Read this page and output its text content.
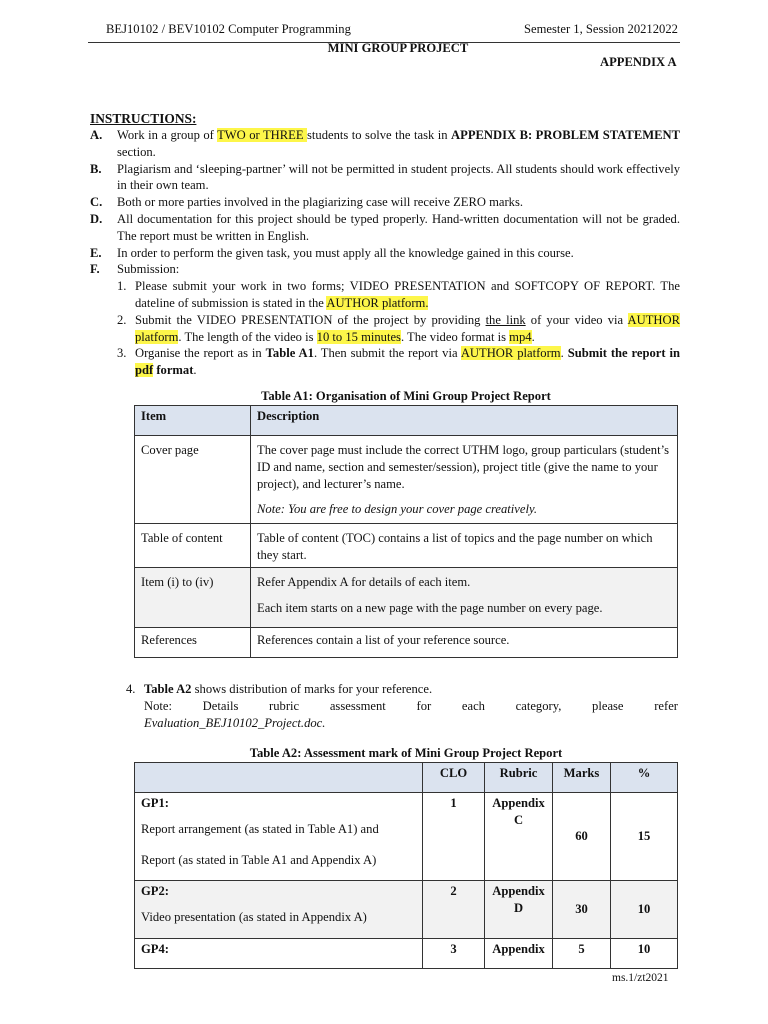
BEJ10102 / BEV10102 Computer Programming	Semester 1, Session 20212022
MINI GROUP PROJECT
APPENDIX A
INSTRUCTIONS:
A.	Work in a group of TWO or THREE students to solve the task in APPENDIX B: PROBLEM STATEMENT section.
B.	Plagiarism and ‘sleeping-partner’ will not be permitted in student projects. All students should work effectively in their own team.
C.	Both or more parties involved in the plagiarizing case will receive ZERO marks.
D.	All documentation for this project should be typed properly. Hand-written documentation will not be graded. The report must be written in English.
E.	In order to perform the given task, you must apply all the knowledge gained in this course.
F.	Submission:
1. Please submit your work in two forms; VIDEO PRESENTATION and SOFTCOPY OF REPORT. The dateline of submission is stated in the AUTHOR platform.
2. Submit the VIDEO PRESENTATION of the project by providing the link of your video via AUTHOR platform. The length of the video is 10 to 15 minutes. The video format is mp4.
3. Organise the report as in Table A1. Then submit the report via AUTHOR platform. Submit the report in pdf format.
Table A1: Organisation of Mini Group Project Report
Item	Description
Cover page	The cover page must include the correct UTHM logo, group particulars (student’s ID and name, section and semester/session), project title (give the name to your project), and lecturer’s name.
Note: You are free to design your cover page creatively.

Table of content	Table of content (TOC) contains a list of topics and the page number on which they start.
Item (i) to (iv)	Refer Appendix A for details of each item.
Each item starts on a new page with the page number on every page.

References	References contain a list of your reference source.
4. Table A2 shows distribution of marks for your reference.
Note: Details rubric assessment for each category, please refer
Evaluation_BEJ10102_Project.doc.
Table A2: Assessment mark of Mini Group Project Report
	CLO	Rubric	Marks	%

GP1:
Report arrangement (as stated in Table A1) and
Report (as stated in Table A1 and Appendix A)	1	Appendix C	60	15

GP2:
Video presentation (as stated in Appendix A)	2	Appendix D	30	10
GP4:	3	Appendix	5	10
ms.1/zt2021
